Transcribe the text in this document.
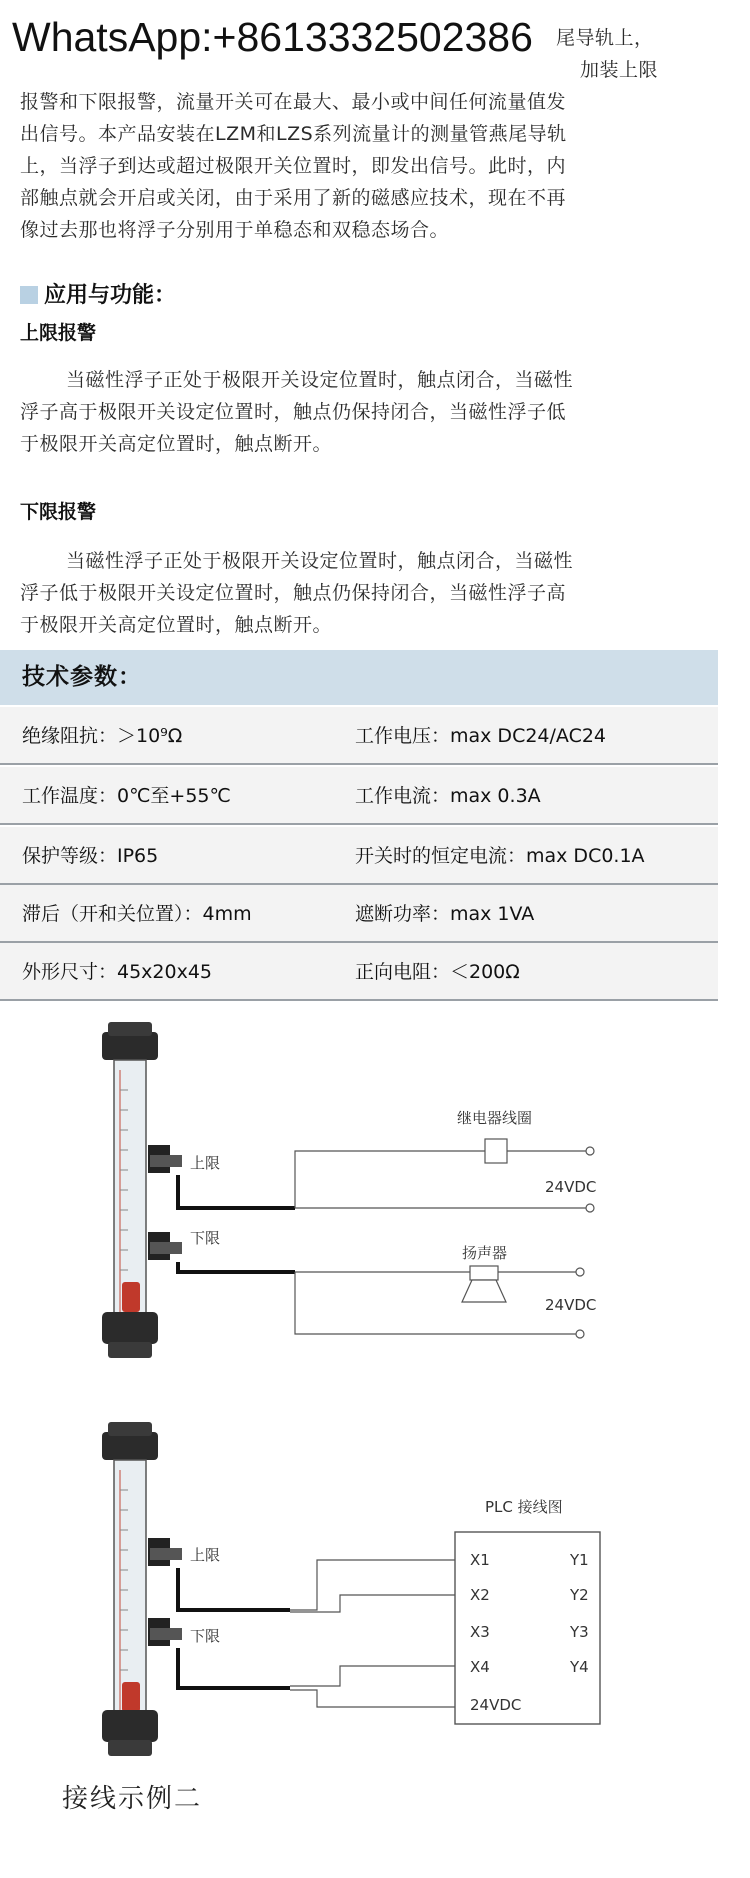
WhatsApp:+8613332502386	尾导轨上，
加装上限
报警和下限报警，流量开关可在最大、最小或中间任何流量值发
出信号。本产品安装在LZM和LZS系列流量计的测量管燕尾导轨
上，当浮子到达或超过极限开关位置时，即发出信号。此时，内
部触点就会开启或关闭，由于采用了新的磁感应技术，现在不再
像过去那也将浮子分别用于单稳态和双稳态场合。
应用与功能：
上限报警
当磁性浮子正处于极限开关设定位置时，触点闭合，当磁性
浮子高于极限开关设定位置时，触点仍保持闭合，当磁性浮子低
于极限开关高定位置时，触点断开。
下限报警
当磁性浮子正处于极限开关设定位置时，触点闭合，当磁性
浮子低于极限开关设定位置时，触点仍保持闭合，当磁性浮子高
于极限开关高定位置时，触点断开。
技术参数：
绝缘阻抗：＞10⁹Ω	工作电压：max DC24/AC24
工作温度：0℃至+55℃	工作电流：max 0.3A
保护等级：IP65	开关时的恒定电流：max DC0.1A
滞后（开和关位置）：4mm	遮断功率：max 1VA
外形尺寸：45x20x45	正向电阻：＜200Ω
上限
下限
继电器线圈
扬声器
24VDC
24VDC
PLC 接线图
X1
X2
X3
X4
24VDC
Y1
Y2
Y3
Y4
上限
下限
接线示例二
